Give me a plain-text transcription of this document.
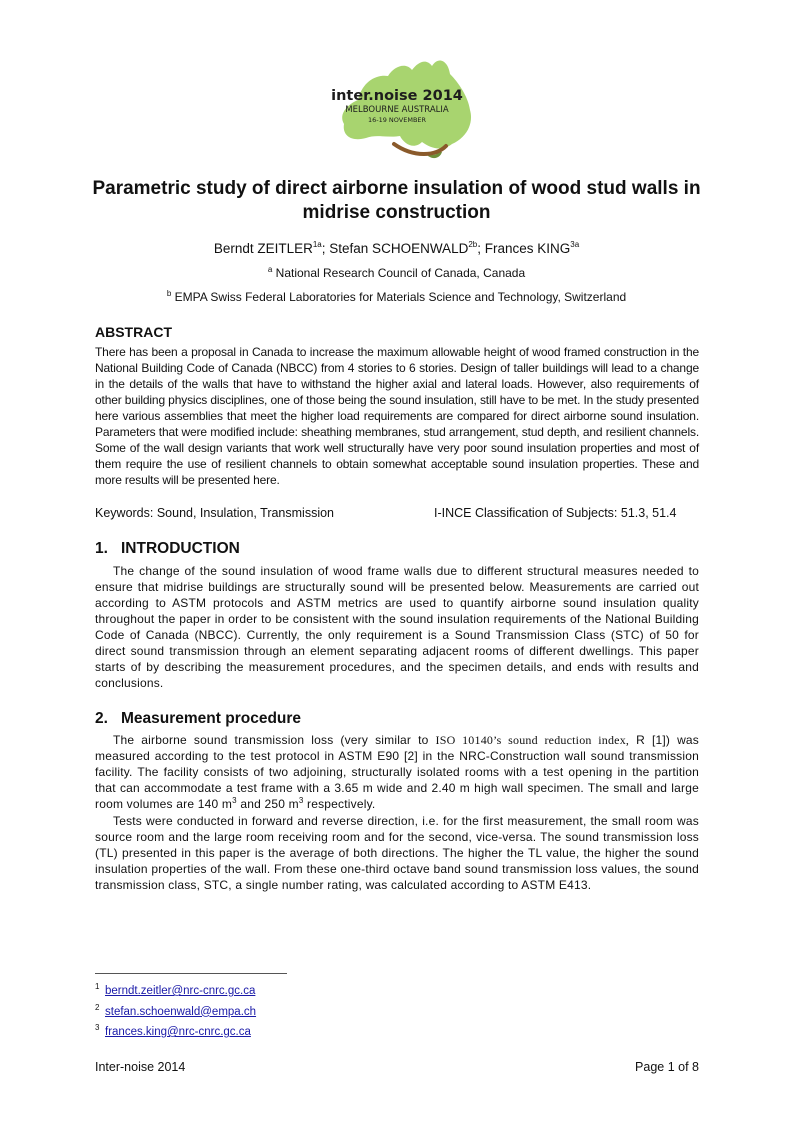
inter.noise 2014
MELBOURNE AUSTRALIA
16-19 NOVEMBER
Parametric study of direct airborne insulation of wood stud walls in midrise construction
Berndt $ZEITLER^{1a}$; Stefan $SCHOENWALD^{2b}$; Frances $KING^{3a}$
$^a$ National Research Council of Canada, Canada
$^b$ EMPA Swiss Federal Laboratories for Materials Science and Technology, Switzerland
ABSTRACT

There has been a proposal in Canada to increase the maximum allowable height of wood framed construction in the National Building Code of Canada (NBCC) from 4 stories to 6 stories. Design of taller buildings will lead to a change in the details of the walls that have to withstand the higher axial and lateral loads. However, also requirements of other building physics disciplines, one of those being the sound insulation, still have to be met. In the study presented here various assemblies that meet the higher load requirements are compared for direct airborne sound insulation. Parameters that were modified include: sheathing membranes, stud arrangement, stud depth, and resilient channels. Some of the wall design variants that work well structurally have very poor sound insulation properties and most of them require the use of resilient channels to obtain somewhat acceptable sound insulation properties. These and more results will be presented here.

Keywords: Sound, Insulation, Transmission	I-INCE Classification of Subjects: 51.3, 51.4
1. INTRODUCTION

The change of the sound insulation of wood frame walls due to different structural measures needed to ensure that midrise buildings are structurally sound will be presented below. Measurements are carried out according to ASTM protocols and ASTM metrics are used to quantify airborne sound insulation quality throughout the paper in order to be consistent with the sound insulation requirements of the National Building Code of Canada (NBCC). Currently, the only requirement is a Sound Transmission Class (STC) of 50 for direct sound transmission through an element separating adjacent rooms of different dwellings. This paper starts of by describing the measurement procedures, and the specimen details, and ends with results and conclusions.

2. Measurement procedure

The airborne sound transmission loss (very similar to ISO 10140’s sound reduction index, R [1]) was measured according to the test protocol in ASTM E90 [2] in the NRC-Construction wall sound transmission facility. The facility consists of two adjoining, structurally isolated rooms with a test opening in the partition that can accommodate a test frame with a 3.65 m wide and 2.40 m high wall specimen. The small and large room volumes are 140 $m^3$ and 250 $m^3$ respectively.

Tests were conducted in forward and reverse direction, i.e. for the first measurement, the small room was source room and the large room receiving room and for the second, vice-versa. The sound transmission loss (TL) presented in this paper is the average of both directions. The higher the TL value, the higher the sound insulation properties of the wall. From these one-third octave band sound transmission loss values, the sound transmission class, STC, a single number rating, was calculated according to ASTM E413.

$^1$ berndt.zeitler@nrc-cnrc.gc.ca
$^2$ stefan.schoenwald@empa.ch
$^3$ frances.king@nrc-cnrc.gc.ca
Inter-noise 2014	Page 1 of 8
